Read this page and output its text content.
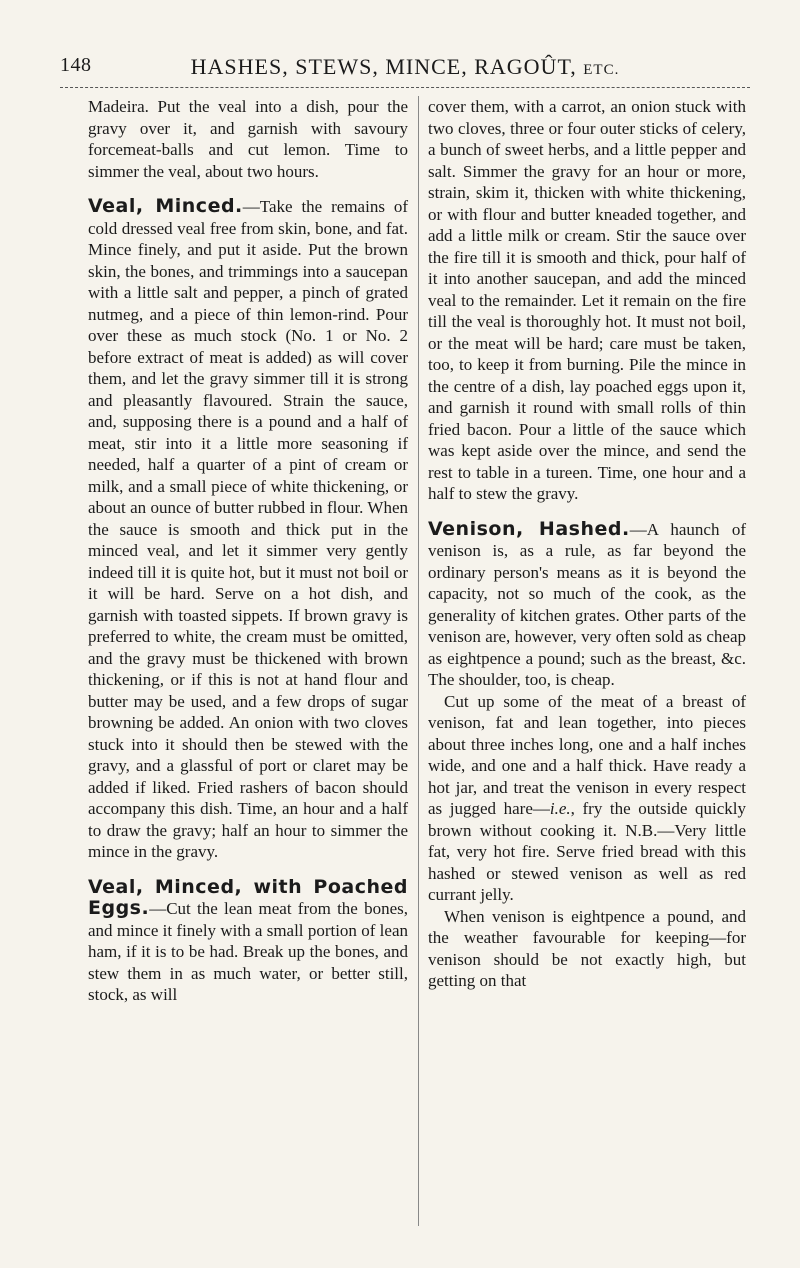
148	HASHES, STEWS, MINCE, RAGOÛT, ETC.

Madeira. Put the veal into a dish, pour the gravy over it, and garnish with savoury forcemeat-balls and cut lemon. Time to simmer the veal, about two hours.

Veal, Minced.—Take the remains of cold dressed veal free from skin, bone, and fat. Mince finely, and put it aside. Put the brown skin, the bones, and trimmings into a saucepan with a little salt and pepper, a pinch of grated nutmeg, and a piece of thin lemon-rind. Pour over these as much stock (No. 1 or No. 2 before extract of meat is added) as will cover them, and let the gravy simmer till it is strong and pleasantly flavoured. Strain the sauce, and, supposing there is a pound and a half of meat, stir into it a little more seasoning if needed, half a quarter of a pint of cream or milk, and a small piece of white thickening, or about an ounce of butter rubbed in flour. When the sauce is smooth and thick put in the minced veal, and let it simmer very gently indeed till it is quite hot, but it must not boil or it will be hard. Serve on a hot dish, and garnish with toasted sippets. If brown gravy is preferred to white, the cream must be omitted, and the gravy must be thickened with brown thickening, or if this is not at hand flour and butter may be used, and a few drops of sugar browning be added. An onion with two cloves stuck into it should then be stewed with the gravy, and a glassful of port or claret may be added if liked. Fried rashers of bacon should accompany this dish. Time, an hour and a half to draw the gravy; half an hour to simmer the mince in the gravy.

Veal, Minced, with Poached Eggs.—Cut the lean meat from the bones, and mince it finely with a small portion of lean ham, if it is to be had. Break up the bones, and stew them in as much water, or better still, stock, as will

cover them, with a carrot, an onion stuck with two cloves, three or four outer sticks of celery, a bunch of sweet herbs, and a little pepper and salt. Simmer the gravy for an hour or more, strain, skim it, thicken with white thickening, or with flour and butter kneaded together, and add a little milk or cream. Stir the sauce over the fire till it is smooth and thick, pour half of it into another saucepan, and add the minced veal to the remainder. Let it remain on the fire till the veal is thoroughly hot. It must not boil, or the meat will be hard; care must be taken, too, to keep it from burning. Pile the mince in the centre of a dish, lay poached eggs upon it, and garnish it round with small rolls of thin fried bacon. Pour a little of the sauce which was kept aside over the mince, and send the rest to table in a tureen. Time, one hour and a half to stew the gravy.

Venison, Hashed.—A haunch of venison is, as a rule, as far beyond the ordinary person's means as it is beyond the capacity, not so much of the cook, as the generality of kitchen grates. Other parts of the venison are, however, very often sold as cheap as eightpence a pound; such as the breast, &c. The shoulder, too, is cheap.

Cut up some of the meat of a breast of venison, fat and lean together, into pieces about three inches long, one and a half inches wide, and one and a half thick. Have ready a hot jar, and treat the venison in every respect as jugged hare—i.e., fry the outside quickly brown without cooking it. N.B.—Very little fat, very hot fire. Serve fried bread with this hashed or stewed venison as well as red currant jelly.

When venison is eightpence a pound, and the weather favourable for keeping—for venison should be not exactly high, but getting on that
